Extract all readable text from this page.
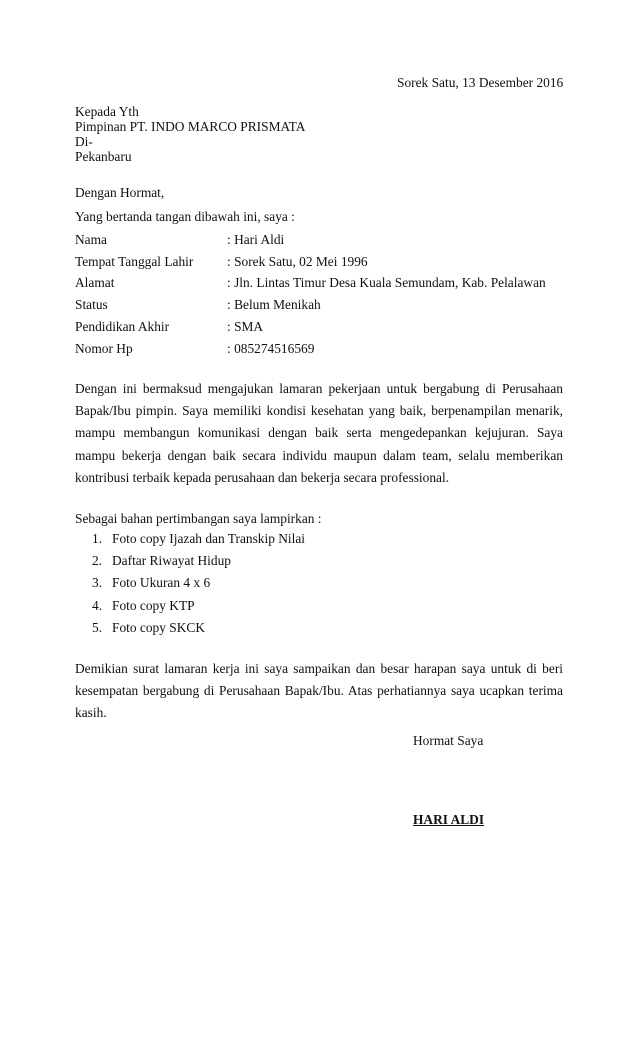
Sorek Satu, 13 Desember 2016
Kepada Yth
Pimpinan PT. INDO MARCO PRISMATA
Di-
Pekanbaru
Dengan Hormat,
Yang bertanda tangan dibawah ini, saya :
Nama	: Hari Aldi
Tempat Tanggal Lahir	: Sorek Satu, 02 Mei 1996
Alamat	: Jln. Lintas Timur Desa Kuala Semundam, Kab. Pelalawan
Status	: Belum Menikah
Pendidikan Akhir	: SMA
Nomor Hp	: 085274516569
Dengan ini bermaksud mengajukan lamaran pekerjaan untuk bergabung di Perusahaan Bapak/Ibu pimpin. Saya memiliki kondisi kesehatan yang baik, berpenampilan menarik, mampu membangun komunikasi dengan baik serta mengedepankan kejujuran. Saya mampu bekerja dengan baik secara individu maupun dalam team, selalu memberikan kontribusi terbaik kepada perusahaan dan bekerja secara professional.
Sebagai bahan pertimbangan saya lampirkan :
1. Foto copy Ijazah dan Transkip Nilai
2. Daftar Riwayat Hidup
3. Foto Ukuran 4 x 6
4. Foto copy KTP
5. Foto copy SKCK
Demikian surat lamaran kerja ini saya sampaikan dan besar harapan saya untuk di beri kesempatan bergabung di Perusahaan Bapak/Ibu. Atas perhatiannya saya ucapkan terima kasih.
Hormat Saya
HARI ALDI
